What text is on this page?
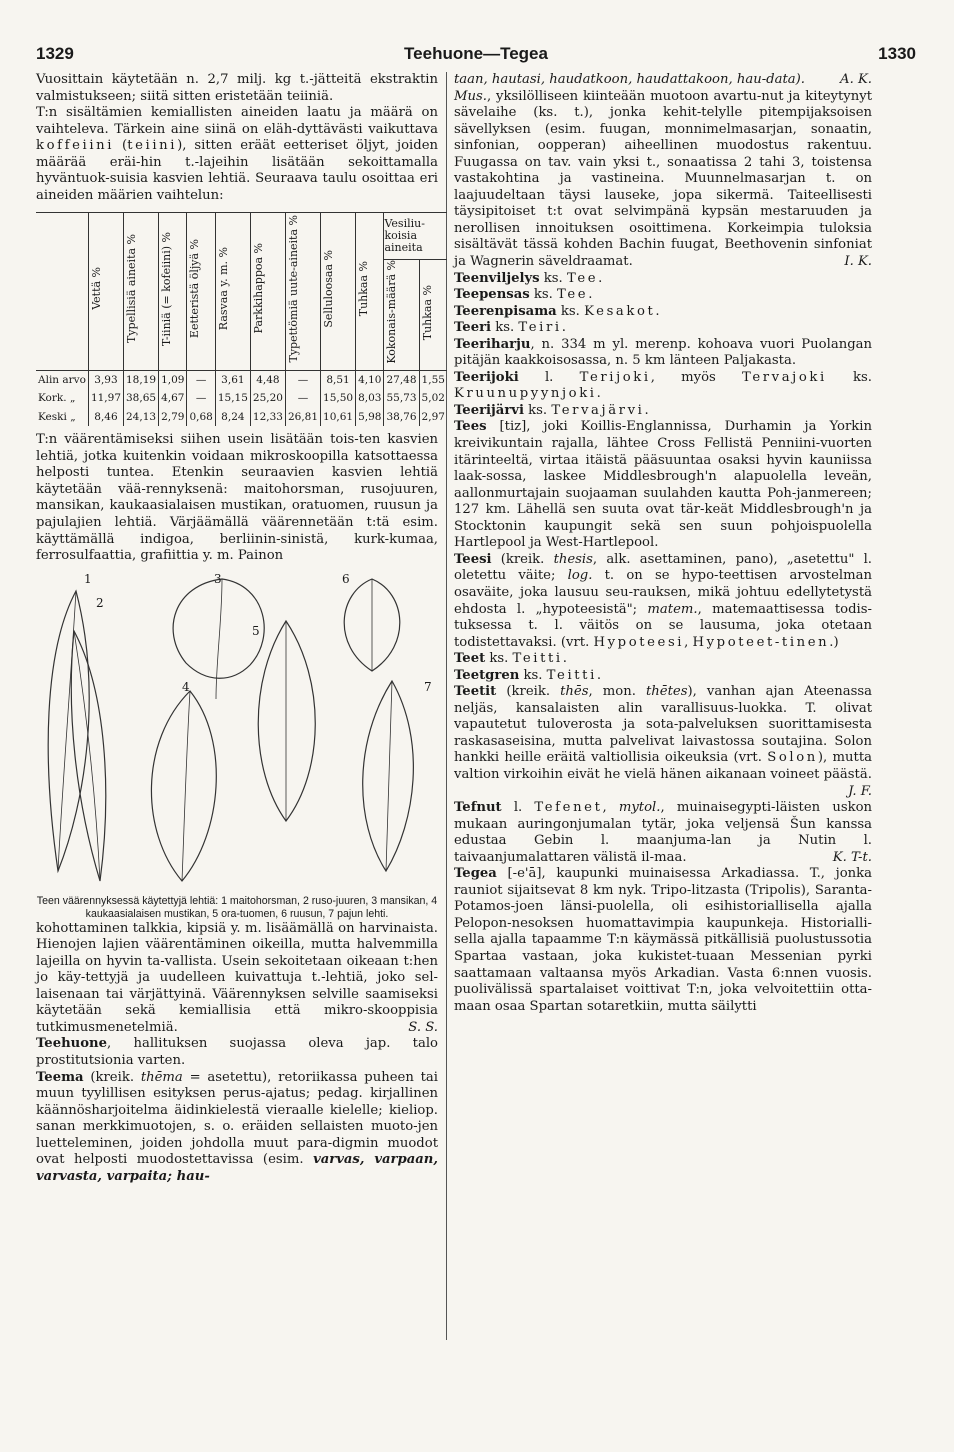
1329	Teehuone—Tegea	1330

Vuosittain käytetään n. 2,7 milj. kg t.-jätteitä ekstraktin valmistukseen; siitä sitten eristetään teiiniä.

T:n sisältämien kemiallisten aineiden laatu ja määrä on vaihteleva. Tärkein aine siinä on eläh-dyttävästi vaikuttava koffeiini (teiini), sitten eräät eetteriset öljyt, joiden määrää eräi-hin t.-lajeihin lisätään sekoittamalla hyväntuok-suisia kasvien lehtiä. Seuraava taulu osoittaa eri aineiden määrien vaihtelun:

	Vettä %	Typellisiä aineita %	T-iiniä (= kofeiini) %	Eetteristä öljyä %	Rasvaa y. m. %	Parkkihappoa %	Typettömiä uute-aineita %	Selluloosaa %	Tuhkaa %	Vesiliu-koisia aineita	
										Kokonais-määrä %	Tuhkaa %
Alin arvo	3,93	18,19	1,09	—	3,61	4,48	—	8,51	4,10	27,48	1,55
Kork. „	11,97	38,65	4,67	—	15,15	25,20	—	15,50	8,03	55,73	5,02
Keski „	8,46	24,13	2,79	0,68	8,24	12,33	26,81	10,61	5,98	38,76	2,97

T:n väärentämiseksi siihen usein lisätään tois-ten kasvien lehtiä, jotka kuitenkin voidaan mikroskoopilla katsottaessa helposti tuntea. Etenkin seuraavien kasvien lehtiä käytetään vää-rennyksenä: maitohorsman, rusojuuren, mansikan, kaukaasialaisen mustikan, oratuomen, ruusun ja pajulajien lehtiä. Värjäämällä väärennetään t:tä esim. käyttämällä indigoa, berliinin-sinistä, kurk-kumaa, ferrosulfaattia, grafiittia y. m. Painon

1
2
3
4
5
6
7

Teen väärennyksessä käytettyjä lehtiä: 1 maitohorsman, 2 ruso-juuren, 3 mansikan, 4 kaukaasialaisen mustikan, 5 ora-tuomen, 6 ruusun, 7 pajun lehti.

kohottaminen talkkia, kipsiä y. m. lisäämällä on harvinaista. Hienojen lajien väärentäminen oikeilla, mutta halvemmilla lajeilla on hyvin ta-vallista. Usein sekoitetaan oikeaan t:hen jo käy-tettyjä ja uudelleen kuivattuja t.-lehtiä, joko sel-laisenaan tai värjättyinä. Väärennyksen selville saamiseksi käytetään sekä kemiallisia että mikro-skooppisia tutkimusmenetelmiä.	S. S.

Teehuone, hallituksen suojassa oleva jap. talo prostitutsionia varten.

Teema (kreik. thēma = asetettu), retoriikassa puheen tai muun tyylillisen esityksen perus-ajatus; pedag. kirjallinen käännösharjoitelma äidinkielestä vieraalle kielelle; kieliop. sanan merkkimuotojen, s. o. eräiden sellaisten muoto-jen luetteleminen, joiden johdolla muut para-digmin muodot ovat helposti muodostettavissa (esim. varvas, varpaan, varvasta, varpaita; hau-

taan, hautasi, haudatkoon, haudattakoon, hau-data).	A. K.

Mus., yksilölliseen kiinteään muotoon avartu-nut ja kiteytynyt sävelaihe (ks. t.), jonka kehit-telylle pitempijaksoisen sävellyksen (esim. fuugan, monnimelmasarjan, sonaatin, sinfonian, oopperan) aiheellinen muodostus rakentuu. Fuugassa on tav. vain yksi t., sonaatissa 2 tahi 3, toistensa vastakohtina ja vastineina. Muunnelmasarjan t. on laajuudeltaan täysi lauseke, jopa sikermä. Taiteellisesti täysipitoiset t:t ovat selvimpänä kypsän mestaruuden ja nerollisen innoituksen osoittimena. Korkeimpia tuloksia sisältävät tässä kohden Bachin fuugat, Beethovenin sinfoniat ja Wagnerin säveldraamat.	I. K.

Teenviljelys ks. Tee.

Teepensas ks. Tee.

Teerenpisama ks. Kesakot.

Teeri ks. Teiri.

Teeriharju, n. 334 m yl. merenp. kohoava vuori Puolangan pitäjän kaakkoisosassa, n. 5 km länteen Paljakasta.

Teerijoki l. Terijoki, myös Tervajoki ks. Kruunupyynjoki.

Teerijärvi ks. Tervajärvi.

Tees [tiz], joki Koillis-Englannissa, Durhamin ja Yorkin kreivikuntain rajalla, lähtee Cross Fellistä Penniini-vuorten itärinteeltä, virtaa itäistä pääsuuntaa osaksi hyvin kauniissa laak-sossa, laskee Middlesbrough'n alapuolella leveän, aallonmurtajain suojaaman suulahden kautta Poh-janmereen; 127 km. Lähellä sen suuta ovat tär-keät Middlesbrough'n ja Stocktonin kaupungit sekä sen suun pohjoispuolella Hartlepool ja West-Hartlepool.

Teesi (kreik. thesis, alk. asettaminen, pano), „asetettu" l. oletettu väite; log. t. on se hypo-teettisen arvostelman osaväite, joka lausuu seu-rauksen, mikä johtuu edellytetystä ehdosta l. „hypoteesistä"; matem., matemaattisessa todis-tuksessa t. l. väitös on se lausuma, joka otetaan todistettavaksi. (vrt. Hypoteesi, Hypoteet-tinen.)

Teet ks. Teitti.

Teetgren ks. Teitti.

Teetit (kreik. thēs, mon. thētes), vanhan ajan Ateenassa neljäs, kansalaisten alin varallisuus-luokka. T. olivat vapautetut tuloverosta ja sota-palveluksen suorittamisesta raskasaseisina, mutta palvelivat laivastossa soutajina. Solon hankki heille eräitä valtiollisia oikeuksia (vrt. Solon), mutta valtion virkoihin eivät he vielä hänen aikanaan voineet päästä.
J. F.

Tefnut l. Tefenet, mytol., muinaisegypti-läisten uskon mukaan auringonjumalan tytär, joka veljensä Šun kanssa edustaa Gebin l. maanjuma-lan ja Nutin l. taivaanjumalattaren välistä il-maa.	K. T-t.

Tegea [-e'ā], kaupunki muinaisessa Arkadiassa. T., jonka rauniot sijaitsevat 8 km nyk. Tripo-litzasta (Tripolis), Saranta-Potamos-joen länsi-puolella, oli esihistoriallisella ajalla Pelopon-nesoksen huomattavimpia kaupunkeja. Historialli-sella ajalla tapaamme T:n käymässä pitkällisiä puolustussotia Spartaa vastaan, joka kukistet-tuaan Messenian pyrki saattamaan valtaansa myös Arkadian. Vasta 6:nnen vuosis. puolivälissä spartalaiset voittivat T:n, joka velvoitettiin otta-maan osaa Spartan sotaretkiin, mutta säilytti
